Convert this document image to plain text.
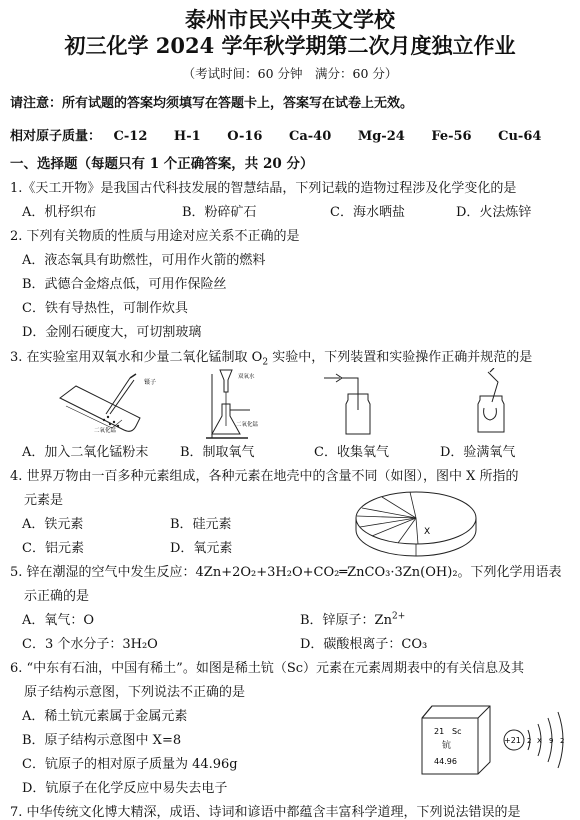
泰州市民兴中英文学校
初三化学 2024 学年秋学期第二次月度独立作业
（考试时间：60 分钟　满分：60 分）
请注意：所有试题的答案均须填写在答题卡上，答案写在试卷上无效。
相对原子质量： C-12 H-1 O-16 Ca-40 Mg-24 Fe-56 Cu-64
一、选择题（每题只有 1 个正确答案，共 20 分）
1.《天工开物》是我国古代科技发展的智慧结晶，下列记载的造物过程涉及化学变化的是
A．机杼织布	B．粉碎矿石	C．海水晒盐	D．火法炼锌
2. 下列有关物质的性质与用途对应关系不正确的是
A．液态氧具有助燃性，可用作火箭的燃料
B．武德合金熔点低，可用作保险丝
C．铁有导热性，可制作炊具
D．金刚石硬度大，可切割玻璃
3. 在实验室用双氧水和少量二氧化锰制取 $O_2$ 实验中，下列装置和实验操作正确并规范的是
镊子
二氧化锰
双氧水
二氧化锰
A．加入二氧化锰粉末 B．制取氧气	C．收集氧气	D．验满氧气
4. 世界万物由一百多种元素组成，各种元素在地壳中的含量不同（如图），图中 X 所指的
元素是
A．铁元素	B．硅元素
C．铝元素	D．氧元素
X
5. 锌在潮湿的空气中发生反应：4Zn+2O₂+3H₂O+CO₂═ZnCO₃·3Zn(OH)₂。下列化学用语表
示正确的是
A．氧气：O	B．锌原子：$Zn^{2+}$
C．3 个水分子：3H₂O	D．碳酸根离子：CO₃
6. “中东有石油，中国有稀土”。如图是稀土钪（Sc）元素在元素周期表中的有关信息及其
原子结构示意图，下列说法不正确的是
A．稀土钪元素属于金属元素
B．原子结构示意图中 X=8
C．钪原子的相对原子质量为 44.96g
D．钪原子在化学反应中易失去电子
21 Sc
钪
44.96
+21 2 X 9 2
7. 中华传统文化博大精深，成语、诗词和谚语中都蕴含丰富科学道理，下列说法错误的是
